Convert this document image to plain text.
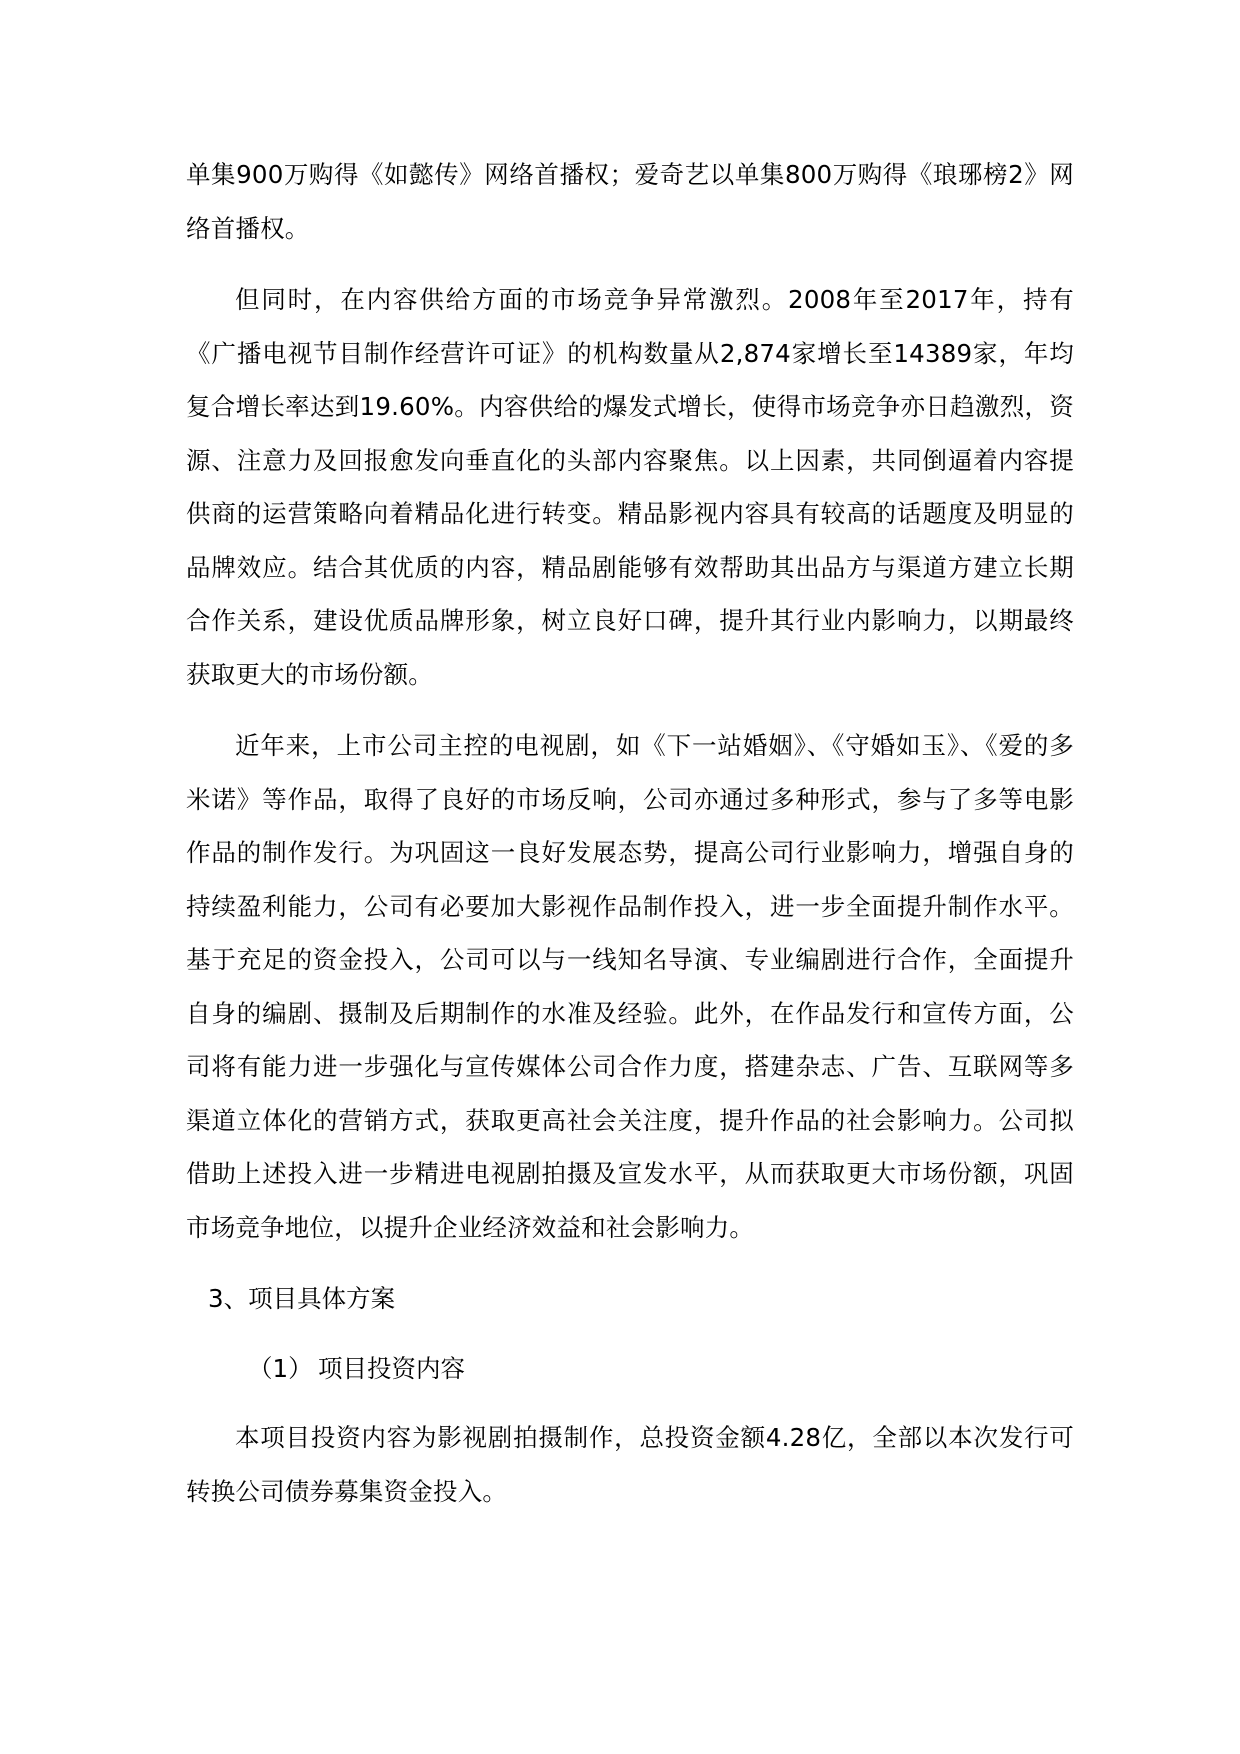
单集900万购得《如懿传》网络首播权；爱奇艺以单集800万购得《琅琊榜2》网络首播权。

但同时，在内容供给方面的市场竞争异常激烈。2008年至2017年，持有《广播电视节目制作经营许可证》的机构数量从2,874家增长至14389家，年均复合增长率达到19.60%。内容供给的爆发式增长，使得市场竞争亦日趋激烈，资源、注意力及回报愈发向垂直化的头部内容聚焦。以上因素，共同倒逼着内容提供商的运营策略向着精品化进行转变。精品影视内容具有较高的话题度及明显的品牌效应。结合其优质的内容，精品剧能够有效帮助其出品方与渠道方建立长期合作关系，建设优质品牌形象，树立良好口碑，提升其行业内影响力，以期最终获取更大的市场份额。

近年来，上市公司主控的电视剧，如《下一站婚姻》、《守婚如玉》、《爱的多米诺》等作品，取得了良好的市场反响，公司亦通过多种形式，参与了多等电影作品的制作发行。为巩固这一良好发展态势，提高公司行业影响力，增强自身的持续盈利能力，公司有必要加大影视作品制作投入，进一步全面提升制作水平。基于充足的资金投入，公司可以与一线知名导演、专业编剧进行合作，全面提升自身的编剧、摄制及后期制作的水准及经验。此外，在作品发行和宣传方面，公司将有能力进一步强化与宣传媒体公司合作力度，搭建杂志、广告、互联网等多渠道立体化的营销方式，获取更高社会关注度，提升作品的社会影响力。公司拟借助上述投入进一步精进电视剧拍摄及宣发水平，从而获取更大市场份额，巩固市场竞争地位，以提升企业经济效益和社会影响力。

3、项目具体方案
（1） 项目投资内容

本项目投资内容为影视剧拍摄制作，总投资金额4.28亿，全部以本次发行可转换公司债券募集资金投入。
